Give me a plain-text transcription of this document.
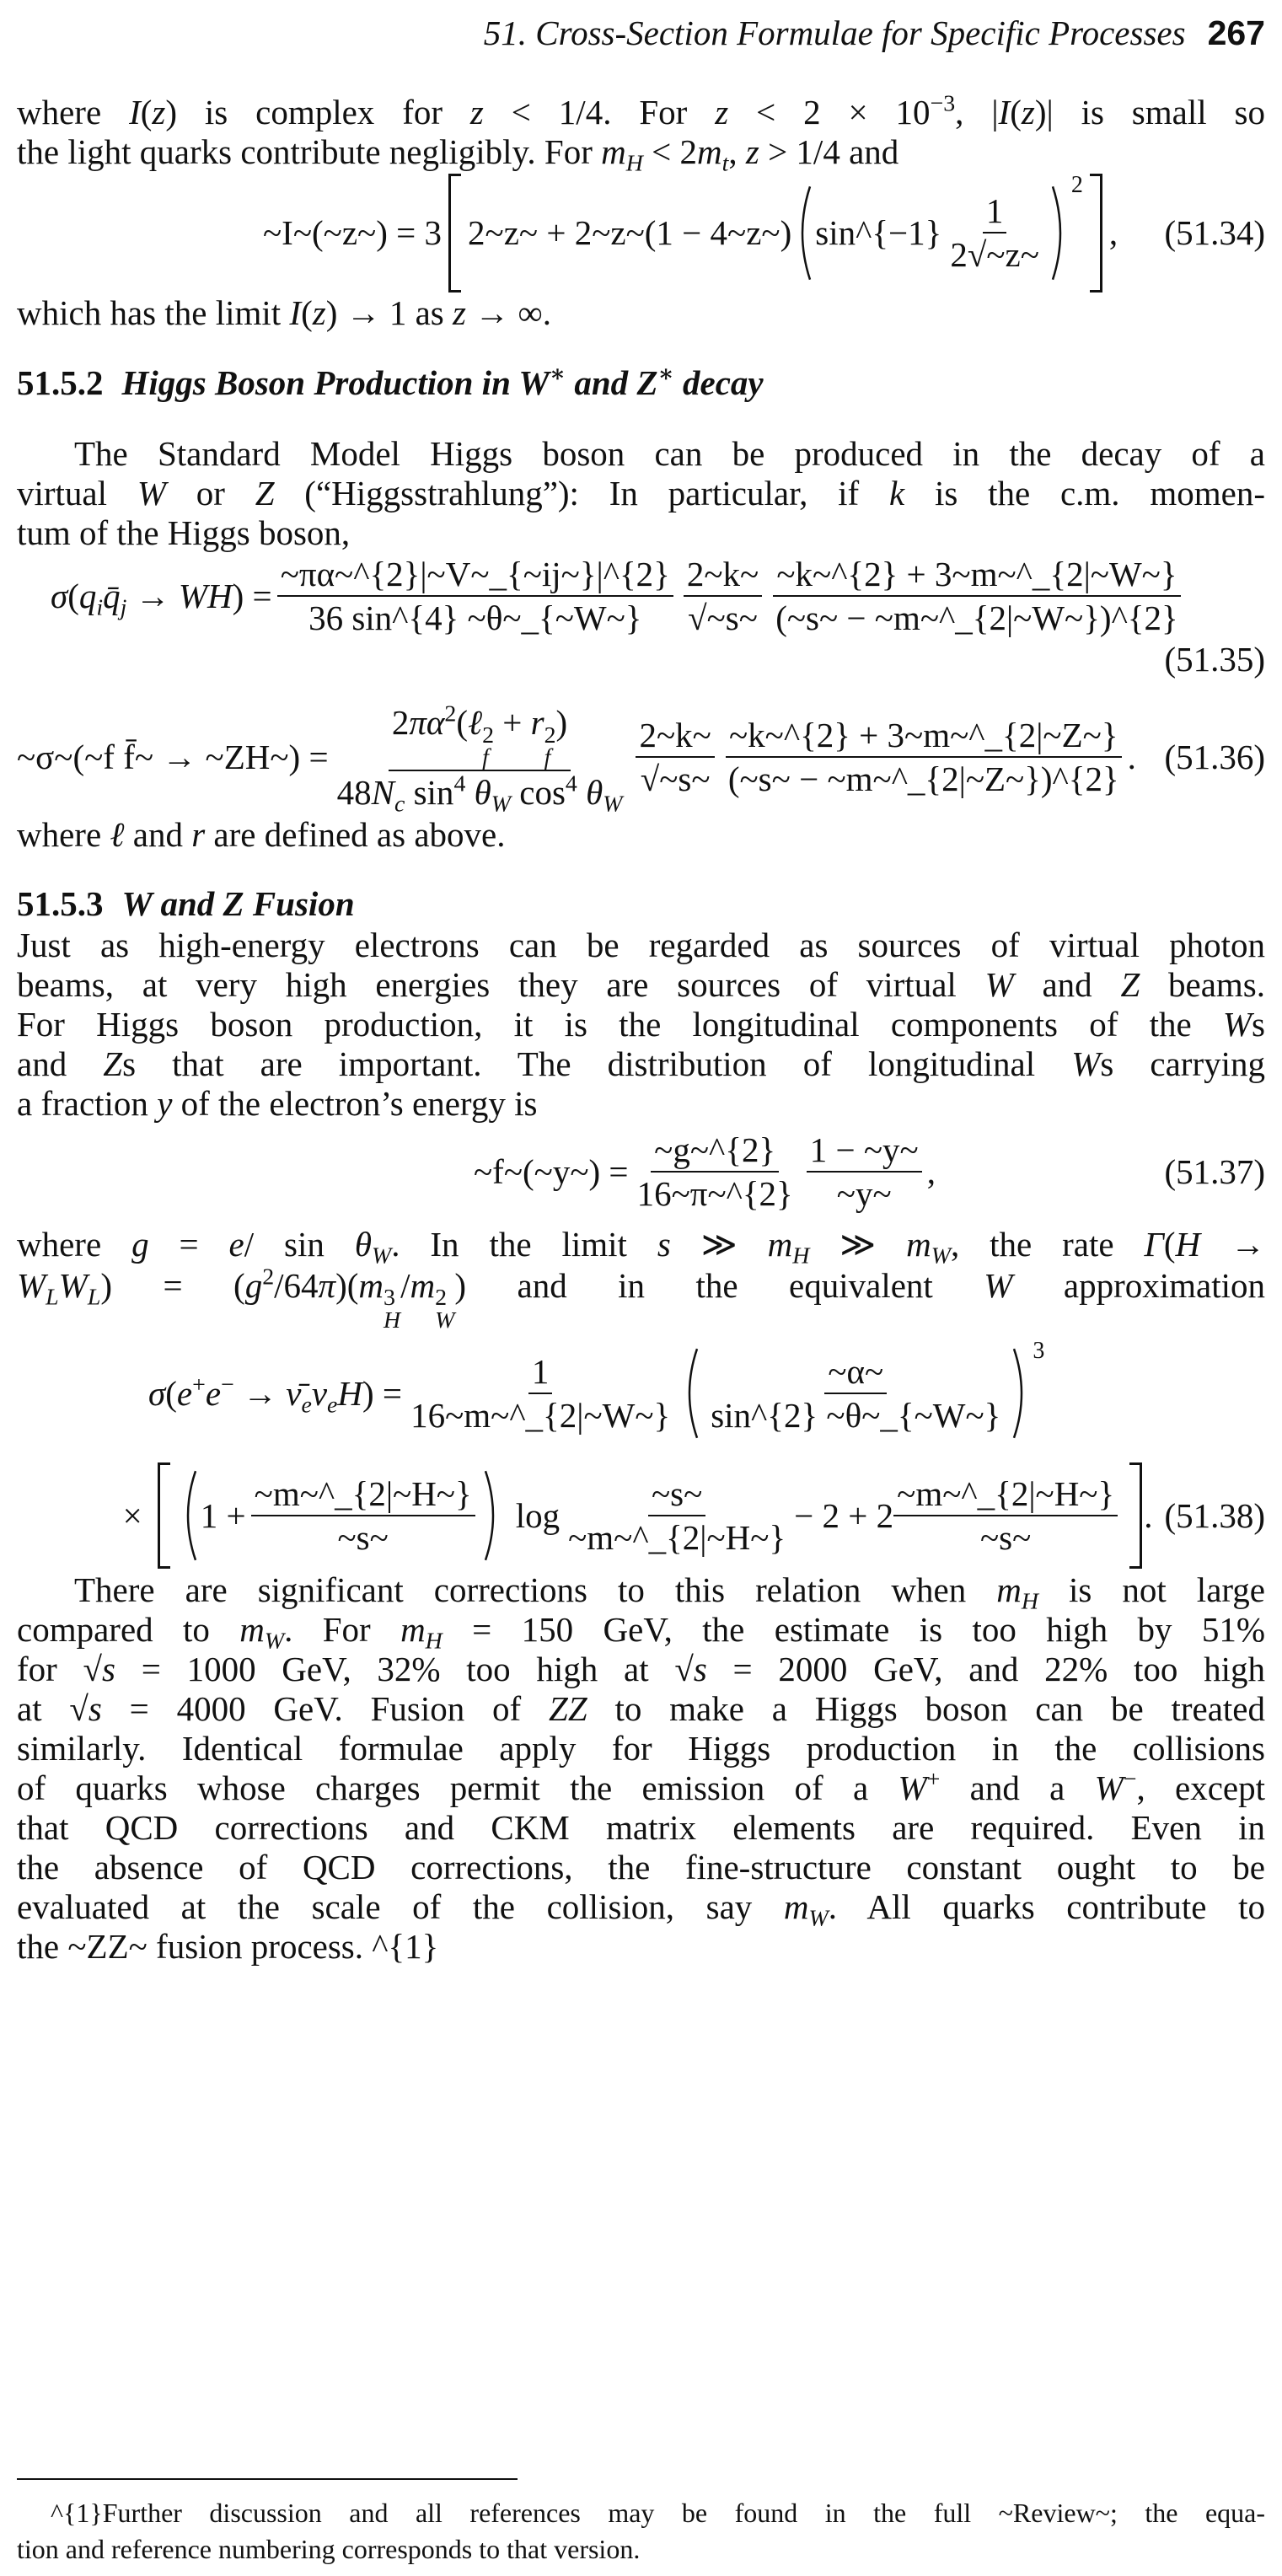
51. Cross-Section Formulae for Specific Processes 267
where I(z) is complex for z < 1/4. For $z < 2 \times 10^{-3}$, |I(z)| is small so
the light quarks contribute negligibly. For $m_H < 2m_t$, z > 1/4 and
~I~(~z~) = 3 2~z~ + 2~z~(1 − 4~z~) sin^{−1} $\frac{1}{2√\sim z\sim}$
2
,	(51.34)
which has the limit I(z) → 1 as z → ∞.
51.5.2 Higgs Boson Production in W∗ and Z∗ decay
The Standard Model Higgs boson can be produced in the decay of a
virtual W or Z (“Higgsstrahlung”): In particular, if k is the c.m. momen-
tum of the Higgs boson,
$\sigma(q_iq̄_j \to WH) = \frac{\sim\pi\alpha\sim\^{}\{2\}|\sim V\sim\_\{\sim ij\sim\}|\^{}\{2\}}{36 \sin\^{}\{4\} \sim\theta\sim\_\{\sim W\sim\}} \frac{2\sim k\sim}{√\sim s\sim} \frac{\sim k\sim\^{}\{2\} + 3\sim m\sim\^{}\_\{2|\sim W\sim\}}{(\sim s\sim - \sim m\sim\^{}\_\{2|\sim W\sim\})\^{}\{2\}}$
(51.35)
~σ~(~f f̄~ → ~ZH~) = $2\pi\alpha^2(\ell$ 2
f
+ r 2
f
)
$48N_c$ $\sin^4 \theta_W$ $\cos^4 \theta_W \frac{2\sim k\sim}{√\sim s\sim} \frac{\sim k\sim\^{}\{2\} + 3\sim m\sim\^{}\_\{2|\sim Z\sim\}}{(\sim s\sim - \sim m\sim\^{}\_\{2|\sim Z\sim\})\^{}\{2\}}$ . (51.36)
where ℓ and r are defined as above.
51.5.3 W and Z Fusion
Just as high-energy electrons can be regarded as sources of virtual photon
beams, at very high energies they are sources of virtual W and Z beams.
For Higgs boson production, it is the longitudinal components of the Ws
and Zs that are important. The distribution of longitudinal Ws carrying
a fraction y of the electron’s energy is
~f~(~y~) = $\frac{\sim g\sim\^{}\{2\}}{16\sim\pi\sim\^{}\{2\}} \frac{1 - \sim y\sim}{\sim y\sim}$ ,	(51.37)
where g = e/ $\sin \theta_W$. In the limit s ≫ $m_H$ ≫ $m_W$, the rate Γ(H →
$W_LW_L) = (g^2/64\pi)(m$ 3
H
/m 2
W
) and in the equivalent W approximation
$\sigma(e^+e^- \to \nū_e\nu_eH) = \frac{1}{16\sim m\sim\^{}\_\{2|\sim W\sim\}} \frac{\sim\alpha\sim}{\sin\^{}\{2\} \sim\theta\sim\_\{\sim W\sim\}} 3$
× $1 + \frac{\sim m\sim\^{}\_\{2|\sim H\sim\}}{\sim s\sim}$ $\log \frac{\sim s\sim}{\sim m\sim\^{}\_\{2|\sim H\sim\}} - 2 + 2 \frac{\sim m\sim\^{}\_\{2|\sim H\sim\}}{\sim s\sim}$ . (51.38)
There are significant corrections to this relation when $m_H$ is not large
compared to $m_W$. For $m_H = 150$ GeV, the estimate is too high by 51%
for √s = 1000 GeV, 32% too high at √s = 2000 GeV, and 22% too high
at √s = 4000 GeV. Fusion of ZZ to make a Higgs boson can be treated
similarly. Identical formulae apply for Higgs production in the collisions
of quarks whose charges permit the emission of a W+ and a W−, except
that QCD corrections and CKM matrix elements are required. Even in
the absence of QCD corrections, the fine-structure constant ought to be
evaluated at the scale of the collision, say $m_W$. All quarks contribute to
the ~ZZ~ fusion process. ^{1}
^{1}Further discussion and all references may be found in the full ~Review~; the equa-
tion and reference numbering corresponds to that version.
